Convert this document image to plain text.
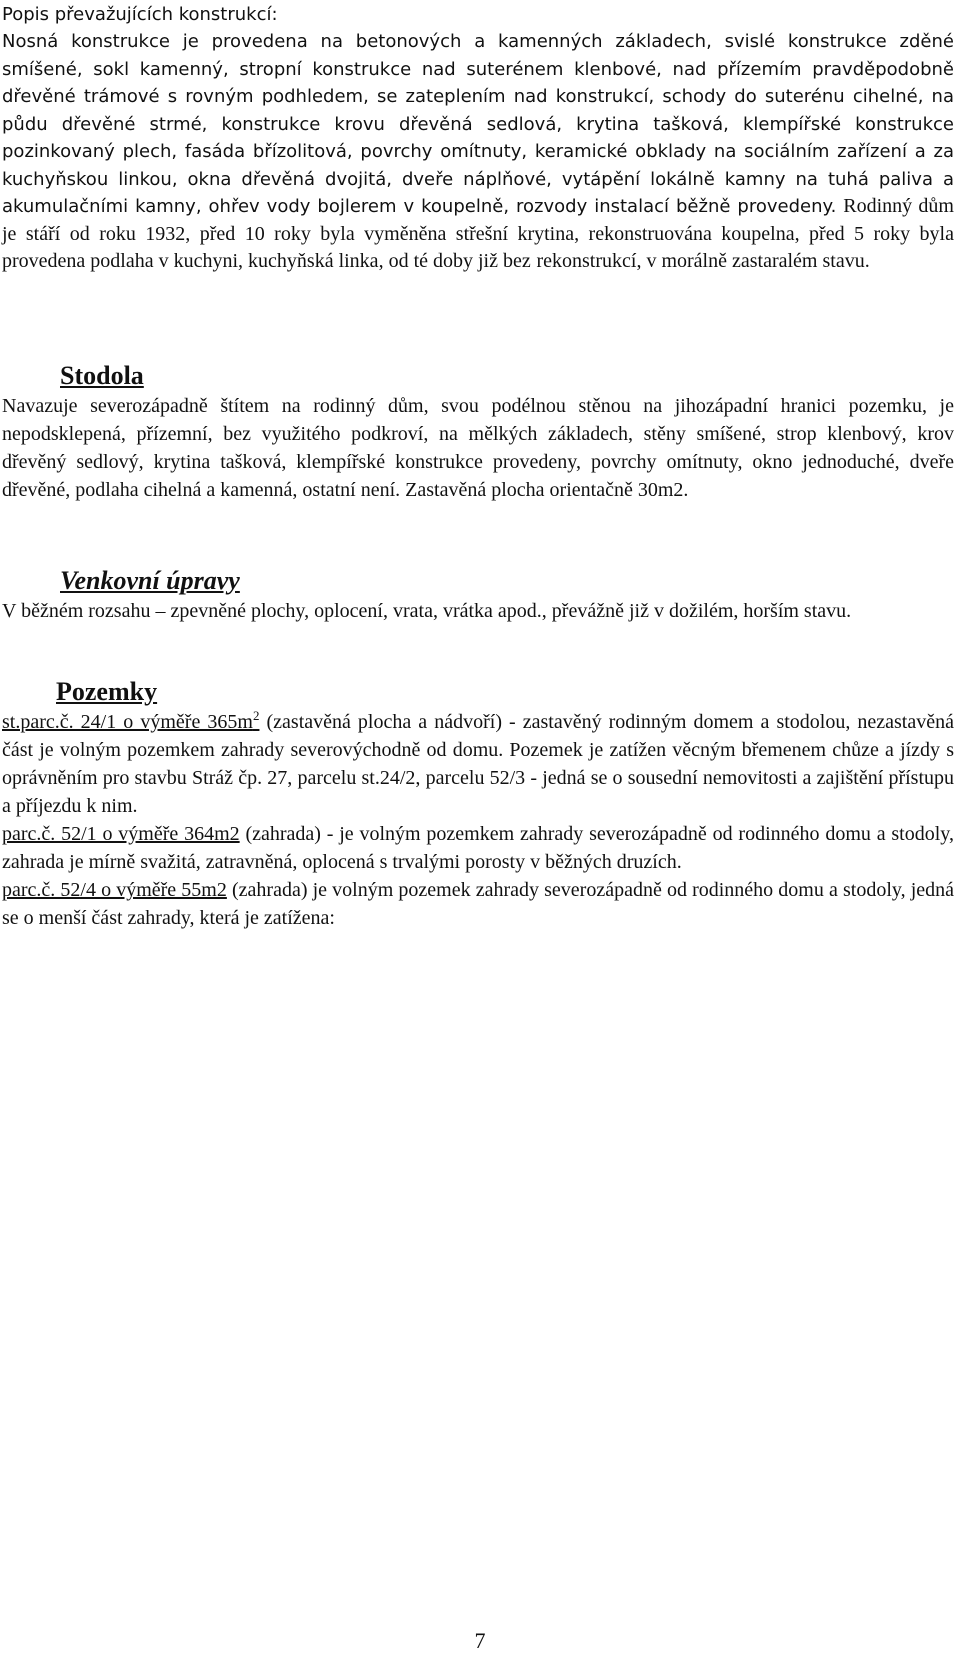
Popis převažujících konstrukcí:

Nosná konstrukce je provedena na betonových a kamenných základech, svislé konstrukce zděné smíšené, sokl kamenný, stropní konstrukce nad suterénem klenbové, nad přízemím pravděpodobně dřevěné trámové s rovným podhledem, se zateplením nad konstrukcí, schody do suterénu cihelné, na půdu dřevěné strmé, konstrukce krovu dřevěná sedlová, krytina tašková, klempířské konstrukce pozinkovaný plech, fasáda břízolitová, povrchy omítnuty, keramické obklady na sociálním zařízení a za kuchyňskou linkou, okna dřevěná dvojitá, dveře náplňové, vytápění lokálně kamny na tuhá paliva a akumulačními kamny, ohřev vody bojlerem v koupelně, rozvody instalací běžně provedeny. Rodinný dům je stáří od roku 1932, před 10 roky byla vyměněna střešní krytina, rekonstruována koupelna, před 5 roky byla provedena podlaha v kuchyni, kuchyňská linka, od té doby již bez rekonstrukcí, v morálně zastaralém stavu.

Stodola

Navazuje severozápadně štítem na rodinný dům, svou podélnou stěnou na jihozápadní hranici pozemku, je nepodsklepená, přízemní, bez využitého podkroví, na mělkých základech, stěny smíšené, strop klenbový, krov dřevěný sedlový, krytina tašková, klempířské konstrukce provedeny, povrchy omítnuty, okno jednoduché, dveře dřevěné, podlaha cihelná a kamenná, ostatní není. Zastavěná plocha orientačně 30m2.

Venkovní úpravy

V běžném rozsahu – zpevněné plochy, oplocení, vrata, vrátka apod., převážně již v dožilém, horším stavu.

Pozemky

st.parc.č. 24/1 o výměře $365m^2$ (zastavěná plocha a nádvoří) - zastavěný rodinným domem a stodolou, nezastavěná část je volným pozemkem zahrady severovýchodně od domu. Pozemek je zatížen věcným břemenem chůze a jízdy s oprávněním pro stavbu Stráž čp. 27, parcelu st.24/2, parcelu 52/3 - jedná se o sousední nemovitosti a zajištění přístupu a příjezdu k nim.

parc.č. 52/1 o výměře 364m2 (zahrada) - je volným pozemkem zahrady severozápadně od rodinného domu a stodoly, zahrada je mírně svažitá, zatravněná, oplocená s trvalými porosty v běžných druzích.

parc.č. 52/4 o výměře 55m2 (zahrada) je volným pozemek zahrady severozápadně od rodinného domu a stodoly, jedná se o menší část zahrady, která je zatížena:

7
